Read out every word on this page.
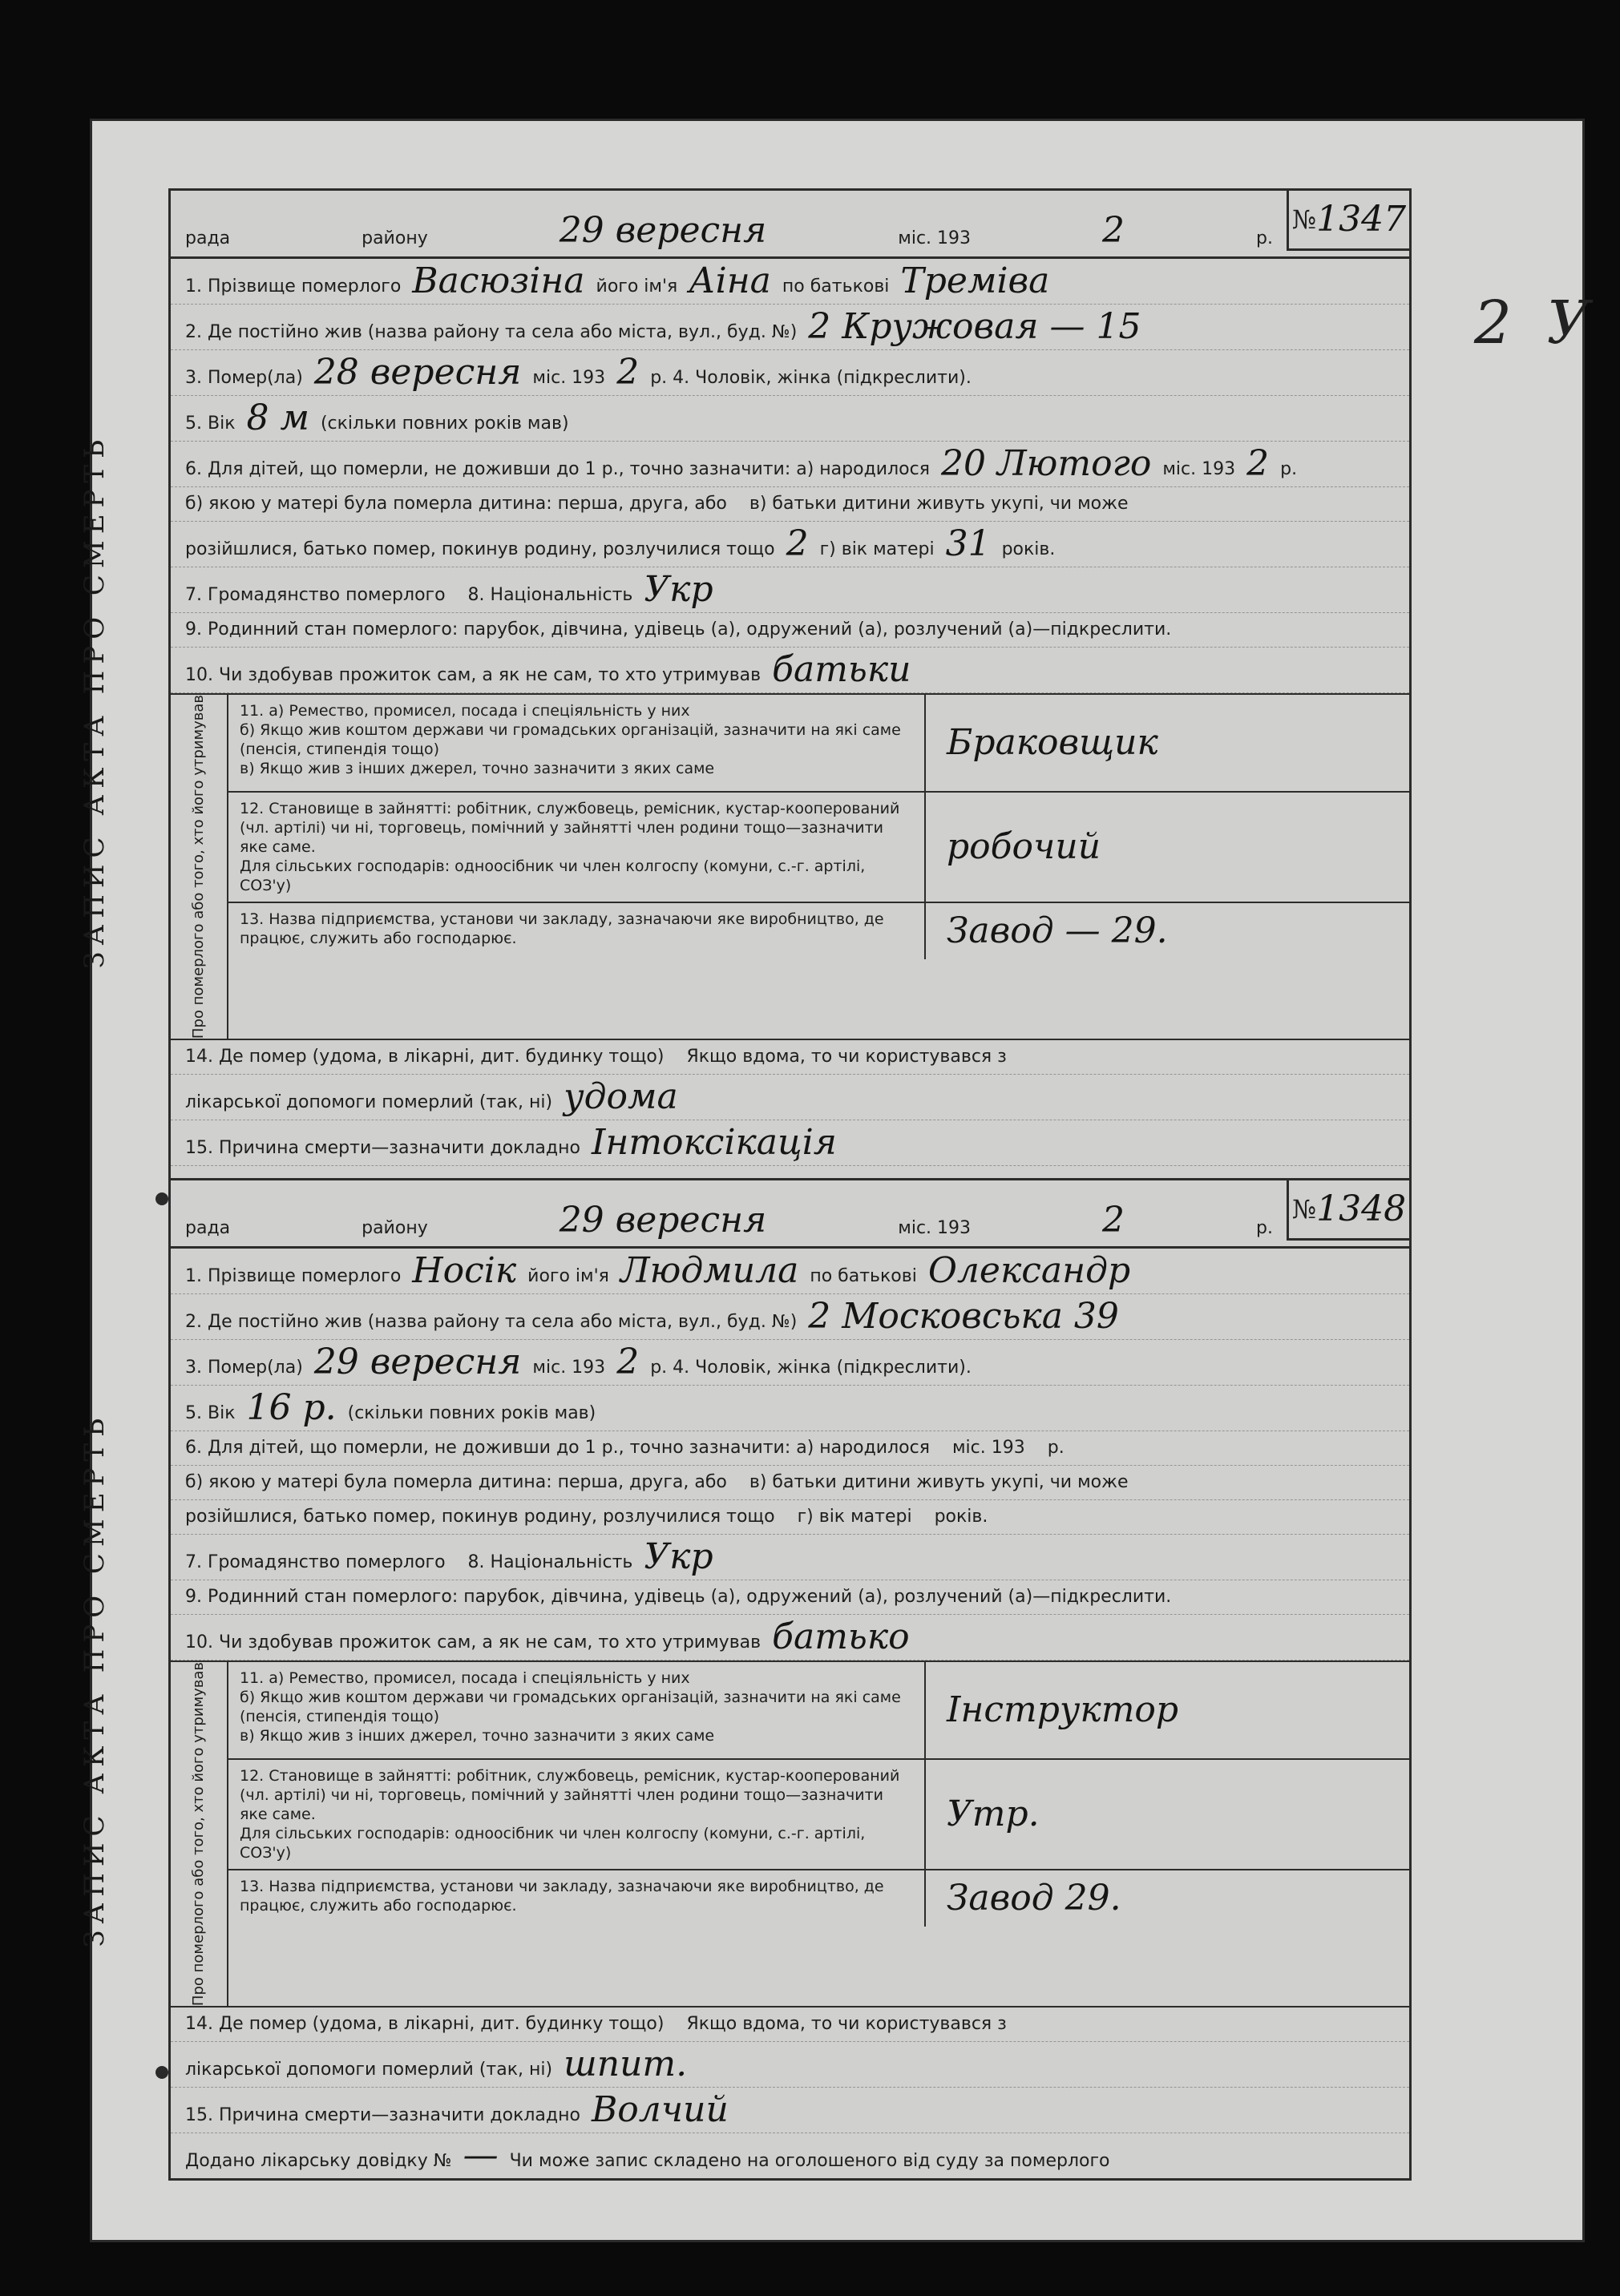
2 У
ЗАПИС АКТА ПРО СМЕРТЬ
рада	району	29 вересня	міс. 193	2	р.
№ 1347
1. Прізвище померлого Васюзіна його ім'я Аіна по батькові Треміва
2. Де постійно жив (назва району та села або міста, вул., буд. №) 2 Кружовая — 15
3. Помер(ла) 28 вересня міс. 193 2 р. 4. Чоловік, жінка (підкреслити).
5. Вік 8 м (скільки повних років мав)
6. Для дітей, що померли, не доживши до 1 р., точно зазначити: а) народилося 20 Лютого міс. 193 2 р.
б) якою у матері була померла дитина: перша, друга, або в) батьки дитини живуть укупі, чи може
розійшлися, батько помер, покинув родину, розлучилися тощо 2 г) вік матері 31 років.
7. Громадянство померлого 8. Національність Укр
9. Родинний стан померлого: парубок, дівчина, удівець (а), одружений (а), розлучений (а)—підкреслити.
10. Чи здобував прожиток сам, а як не сам, то хто утримував батьки
Про померлого або того, хто його утримував	11. а) Ремество, промисел, посада і спеціяльність у них
б) Якщо жив коштом держави чи громадських організацій, зазначити на які саме (пенсія, стипендія тощо)
в) Якщо жив з інших джерел, точно зазначити з яких саме
Браковщик
12. Становище в зайнятті: робітник, службовець, ремісник, кустар-кооперований (чл. артілі) чи ні, торговець, помічний у зайнятті член родини тощо—зазначити яке саме.
Для сільських господарів: одноосібник чи член колгоспу (комуни, с.-г. артілі, СОЗ'у)
робочий
13. Назва підприємства, установи чи закладу, зазначаючи яке виробництво, де працює, служить або господарює.	Завод — 29.
14. Де помер (удома, в лікарні, дит. будинку тощо) Якщо вдома, то чи користувався з
лікарської допомоги померлий (так, ні) удома
15. Причина смерти—зазначити докладно Інтоксікація
ЗАПИС АКТА ПРО СМЕРТЬ
рада	району	29 вересня	міс. 193	2	р.
№ 1348
1. Прізвище померлого Носік його ім'я Людмила по батькові Олександр
2. Де постійно жив (назва району та села або міста, вул., буд. №) 2 Московська 39
3. Помер(ла) 29 вересня міс. 193 2 р. 4. Чоловік, жінка (підкреслити).
5. Вік 16 р. (скільки повних років мав)
6. Для дітей, що померли, не доживши до 1 р., точно зазначити: а) народилося міс. 193 р.
б) якою у матері була померла дитина: перша, друга, або в) батьки дитини живуть укупі, чи може
розійшлися, батько помер, покинув родину, розлучилися тощо г) вік матері років.
7. Громадянство померлого 8. Національність Укр
9. Родинний стан померлого: парубок, дівчина, удівець (а), одружений (а), розлучений (а)—підкреслити.
10. Чи здобував прожиток сам, а як не сам, то хто утримував батько
Про померлого або того, хто його утримував	11. а) Ремество, промисел, посада і спеціяльність у них
б) Якщо жив коштом держави чи громадських організацій, зазначити на які саме (пенсія, стипендія тощо)
в) Якщо жив з інших джерел, точно зазначити з яких саме
Інструктор
12. Становище в зайнятті: робітник, службовець, ремісник, кустар-кооперований (чл. артілі) чи ні, торговець, помічний у зайнятті член родини тощо—зазначити яке саме.
Для сільських господарів: одноосібник чи член колгоспу (комуни, с.-г. артілі, СОЗ'у)
Утр.
13. Назва підприємства, установи чи закладу, зазначаючи яке виробництво, де працює, служить або господарює.	Завод 29.
14. Де помер (удома, в лікарні, дит. будинку тощо) Якщо вдома, то чи користувався з
лікарської допомоги померлий (так, ні) шпит.
15. Причина смерти—зазначити докладно Волчий
Додано лікарську довідку № — Чи може запис складено на оголошеного від суду за померлого
